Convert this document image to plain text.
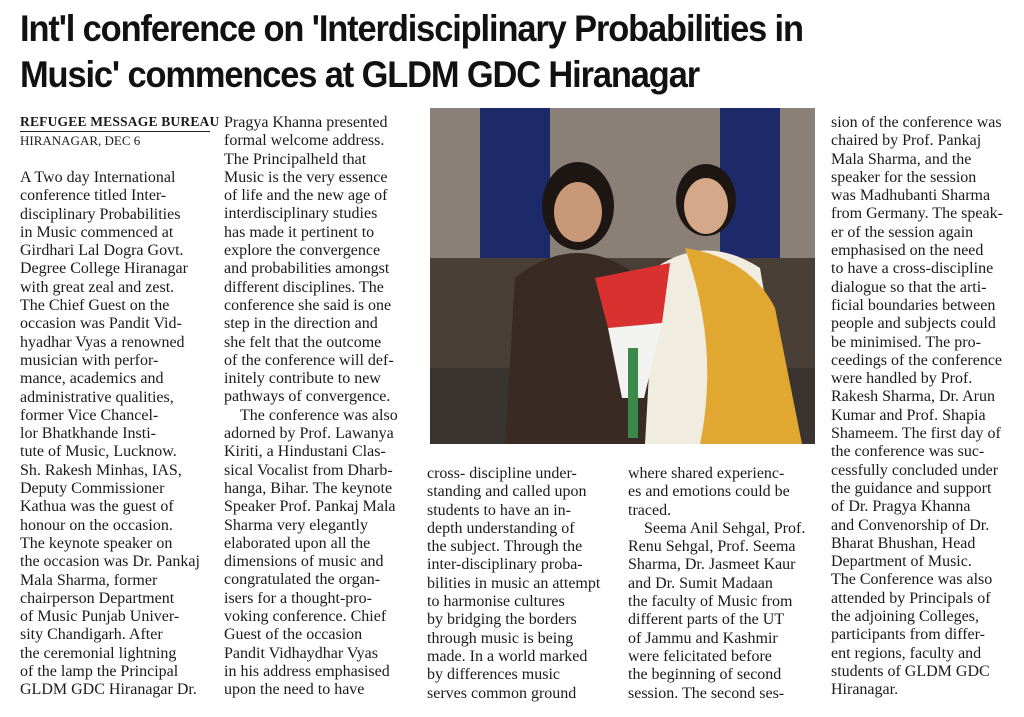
Int'l conference on 'Interdisciplinary Probabilities in
Music' commences at GLDM GDC Hiranagar
REFUGEE MESSAGE BUREAU
HIRANAGAR, DEC 6
A Two day International
conference titled Inter-
disciplinary Probabilities
in Music commenced at
Girdhari Lal Dogra Govt.
Degree College Hiranagar
with great zeal and zest.
The Chief Guest on the
occasion was Pandit Vid-
hyadhar Vyas a renowned
musician with perfor-
mance, academics and
administrative qualities,
former Vice Chancel-
lor Bhatkhande Insti-
tute of Music, Lucknow.
Sh. Rakesh Minhas, IAS,
Deputy Commissioner
Kathua was the guest of
honour on the occasion.
The keynote speaker on
the occasion was Dr. Pankaj
Mala Sharma, former
chairperson Department
of Music Punjab Univer-
sity Chandigarh. After
the ceremonial lightning
of the lamp the Principal
GLDM GDC Hiranagar Dr.
Pragya Khanna presented
formal welcome address.
The Principalheld that
Music is the very essence
of life and the new age of
interdisciplinary studies
has made it pertinent to
explore the convergence
and probabilities amongst
different disciplines. The
conference she said is one
step in the direction and
she felt that the outcome
of the conference will def-
initely contribute to new
pathways of convergence.
The conference was also
adorned by Prof. Lawanya
Kiriti, a Hindustani Clas-
sical Vocalist from Dharb-
hanga, Bihar. The keynote
Speaker Prof. Pankaj Mala
Sharma very elegantly
elaborated upon all the
dimensions of music and
congratulated the organ-
isers for a thought-pro-
voking conference. Chief
Guest of the occasion
Pandit Vidhaydhar Vyas
in his address emphasised
upon the need to have
cross- discipline under-
standing and called upon
students to have an in-
depth understanding of
the subject. Through the
inter-disciplinary proba-
bilities in music an attempt
to harmonise cultures
by bridging the borders
through music is being
made. In a world marked
by differences music
serves common ground
where shared experienc-
es and emotions could be
traced.
Seema Anil Sehgal, Prof.
Renu Sehgal, Prof. Seema
Sharma, Dr. Jasmeet Kaur
and Dr. Sumit Madaan
the faculty of Music from
different parts of the UT
of Jammu and Kashmir
were felicitated before
the beginning of second
session. The second ses-
sion of the conference was
chaired by Prof. Pankaj
Mala Sharma, and the
speaker for the session
was Madhubanti Sharma
from Germany. The speak-
er of the session again
emphasised on the need
to have a cross-discipline
dialogue so that the arti-
ficial boundaries between
people and subjects could
be minimised. The pro-
ceedings of the conference
were handled by Prof.
Rakesh Sharma, Dr. Arun
Kumar and Prof. Shapia
Shameem. The first day of
the conference was suc-
cessfully concluded under
the guidance and support
of Dr. Pragya Khanna
and Convenorship of Dr.
Bharat Bhushan, Head
Department of Music.
The Conference was also
attended by Principals of
the adjoining Colleges,
participants from differ-
ent regions, faculty and
students of GLDM GDC
Hiranagar.
